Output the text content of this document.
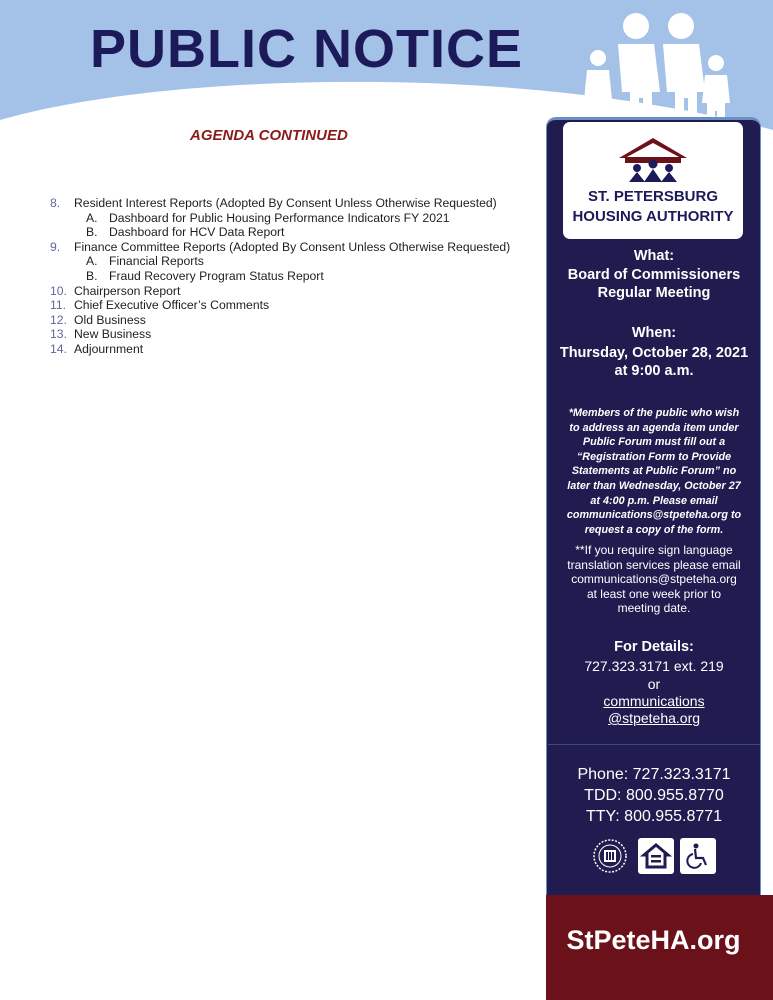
PUBLIC NOTICE
AGENDA CONTINUED
8.	Resident Interest Reports (Adopted By Consent Unless Otherwise Requested)
A. Dashboard for Public Housing Performance Indicators FY 2021
B. Dashboard for HCV Data Report
9.	Finance Committee Reports (Adopted By Consent Unless Otherwise Requested)
A. Financial Reports
B. Fraud Recovery Program Status Report
10. Chairperson Report
11. Chief Executive Officer’s Comments
12. Old Business
13. New Business
14. Adjournment
ST. PETERSBURG
HOUSING AUTHORITY
What:
Board of Commissioners
Regular Meeting
When:
Thursday, October 28, 2021
at 9:00 a.m.
*Members of the public who wish
to address an agenda item under
Public Forum must fill out a
“Registration Form to Provide
Statements at Public Forum” no
later than Wednesday, October 27
at 4:00 p.m. Please email
communications@stpeteha.org to
request a copy of the form.
**If you require sign language
translation services please email
communications@stpeteha.org
at least one week prior to
meeting date.
For Details:
727.323.3171 ext. 219
or
communications
@stpeteha.org
Phone: 727.323.3171
TDD: 800.955.8770
TTY: 800.955.8771
StPeteHA.org
